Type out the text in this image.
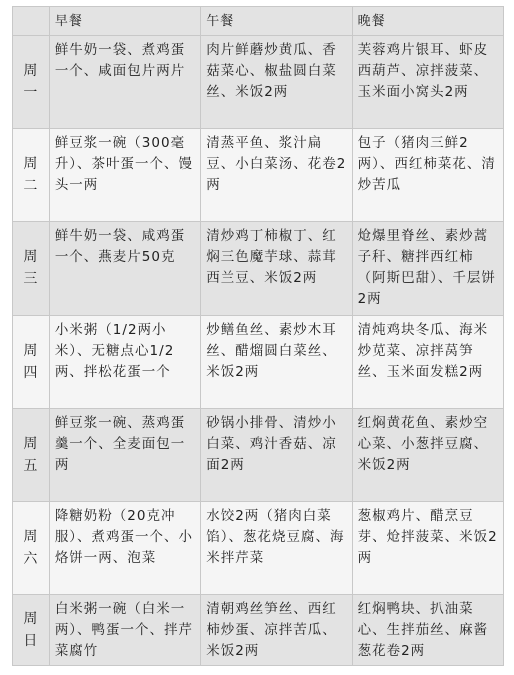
	早餐	午餐	晚餐
周一	鲜牛奶一袋、煮鸡蛋一个、咸面包片两片	肉片鲜蘑炒黄瓜、香菇菜心、椒盐圆白菜丝、米饭2两	芙蓉鸡片银耳、虾皮西葫芦、凉拌菠菜、玉米面小窝头2两
周二	鲜豆浆一碗（300毫升）、茶叶蛋一个、馒头一两	清蒸平鱼、浆汁扁豆、小白菜汤、花卷2两	包子（猪肉三鲜2两）、西红柿菜花、清炒苦瓜
周三	鲜牛奶一袋、咸鸡蛋一个、燕麦片50克	清炒鸡丁柿椒丁、红焖三色魔芋球、蒜茸西兰豆、米饭2两	炝爆里脊丝、素炒蒿子秆、糖拌西红柿（阿斯巴甜）、千层饼2两
周四	小米粥（1/2两小米）、无糖点心1/2两、拌松花蛋一个	炒鳝鱼丝、素炒木耳丝、醋熘圆白菜丝、米饭2两	清炖鸡块冬瓜、海米炒苋菜、凉拌莴笋丝、玉米面发糕2两
周五	鲜豆浆一碗、蒸鸡蛋羹一个、全麦面包一两	砂锅小排骨、清炒小白菜、鸡汁香菇、凉面2两	红焖黄花鱼、素炒空心菜、小葱拌豆腐、米饭2两
周六	降糖奶粉（20克冲服）、煮鸡蛋一个、小烙饼一两、泡菜	水饺2两（猪肉白菜馅）、葱花烧豆腐、海米拌芹菜	葱椒鸡片、醋烹豆芽、炝拌菠菜、米饭2两
周日	白米粥一碗（白米一两）、鸭蛋一个、拌芹菜腐竹	清朝鸡丝笋丝、西红柿炒蛋、凉拌苦瓜、米饭2两	红焖鸭块、扒油菜心、生拌茄丝、麻酱葱花卷2两
